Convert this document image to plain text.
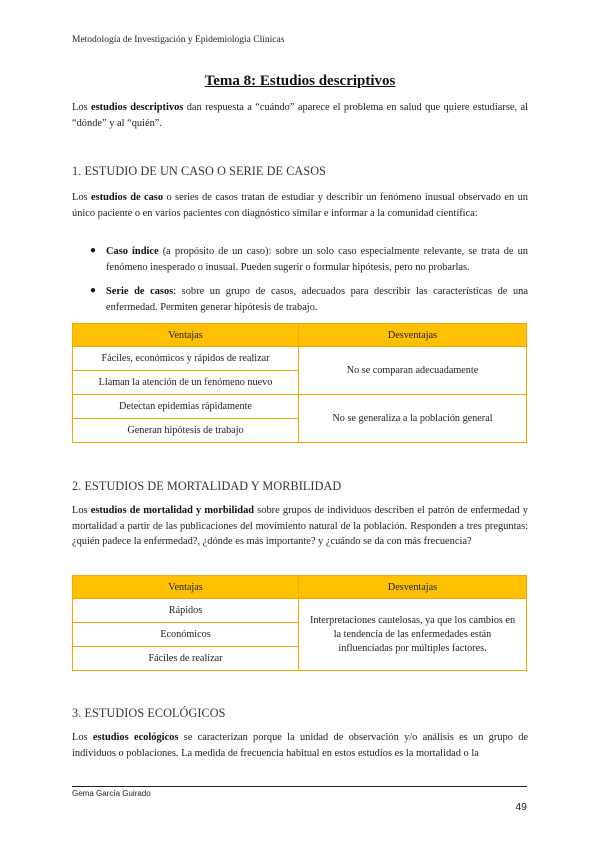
Metodología de Investigación y Epidemiología Clínicas
Tema 8: Estudios descriptivos
Los estudios descriptivos dan respuesta a “cuándo” aparece el problema en salud que quiere estudiarse, al “dónde” y al “quién”.
1. ESTUDIO DE UN CASO O SERIE DE CASOS
Los estudios de caso o series de casos tratan de estudiar y describir un fenómeno inusual observado en un único paciente o en varios pacientes con diagnóstico similar e informar a la comunidad científica:
● Caso índice (a propósito de un caso): sobre un solo caso especialmente relevante, se trata de un fenómeno inesperado o inusual. Pueden sugerir o formular hipótesis, pero no probarlas.
● Serie de casos: sobre un grupo de casos, adecuados para describir las características de una enfermedad. Permiten generar hipótesis de trabajo.
Ventajas	Desventajas
Fáciles, económicos y rápidos de realizar	No se comparan adecuadamente
Llaman la atención de un fenómeno nuevo	
Detectan epidemias rápidamente	No se generaliza a la población general
Generan hipótesis de trabajo	
2. ESTUDIOS DE MORTALIDAD Y MORBILIDAD
Los estudios de mortalidad y morbilidad sobre grupos de individuos describen el patrón de enfermedad y mortalidad a partir de las publicaciones del movimiento natural de la población. Responden a tres preguntas: ¿quién padece la enfermedad?, ¿dónde es más importante? y ¿cuándo se da con más frecuencia?
Ventajas	Desventajas
Rápidos	Interpretaciones cautelosas, ya que los cambios en la tendencia de las enfermedades están influenciadas por múltiples factores.
Económicos	
Fáciles de realizar	
3. ESTUDIOS ECOLÓGICOS
Los estudios ecológicos se caracterizan porque la unidad de observación y/o análisis es un grupo de individuos o poblaciones. La medida de frecuencia habitual en estos estudios es la mortalidad o la
Gema García Guirado
49
